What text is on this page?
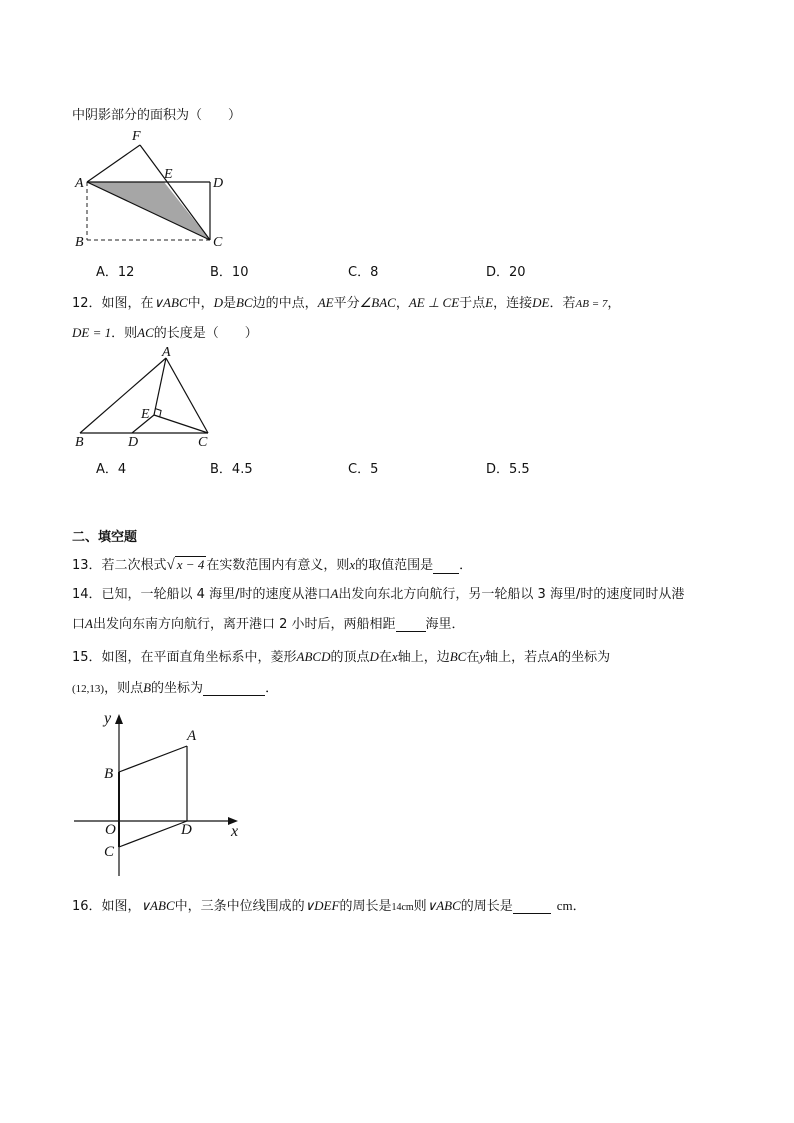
中阴影部分的面积为（　　）
A
B	C
D
E
F
A．12	B．10	C．8	D．20
12．如图，在∨ABC中，D是BC边的中点，AE平分∠BAC，AE ⊥ CE于点E，连接DE．若AB = 7，
DE = 1．则AC的长度是（　　）
A
B	C
D
E
A．4	B．4.5	C．5	D．5.5
二、填空题
13．若二次根式√ x − 4 在实数范围内有意义，则x的取值范围是 ．
14．已知，一轮船以 4 海里/时的速度从港口A出发向东北方向航行，另一轮船以 3 海里/时的速度同时从港
口A出发向东南方向航行，离开港口 2 小时后，两船相距 海里．
15．如图，在平面直角坐标系中，菱形ABCD的顶点D在x轴上，边BC在y轴上，若点A的坐标为
(12,13)，则点B的坐标为	．
y
x
A
B
O
C
D
16．如图，∨ABC中，三条中位线围成的∨DEF的周长是14cm则∨ABC的周长是	cm．
